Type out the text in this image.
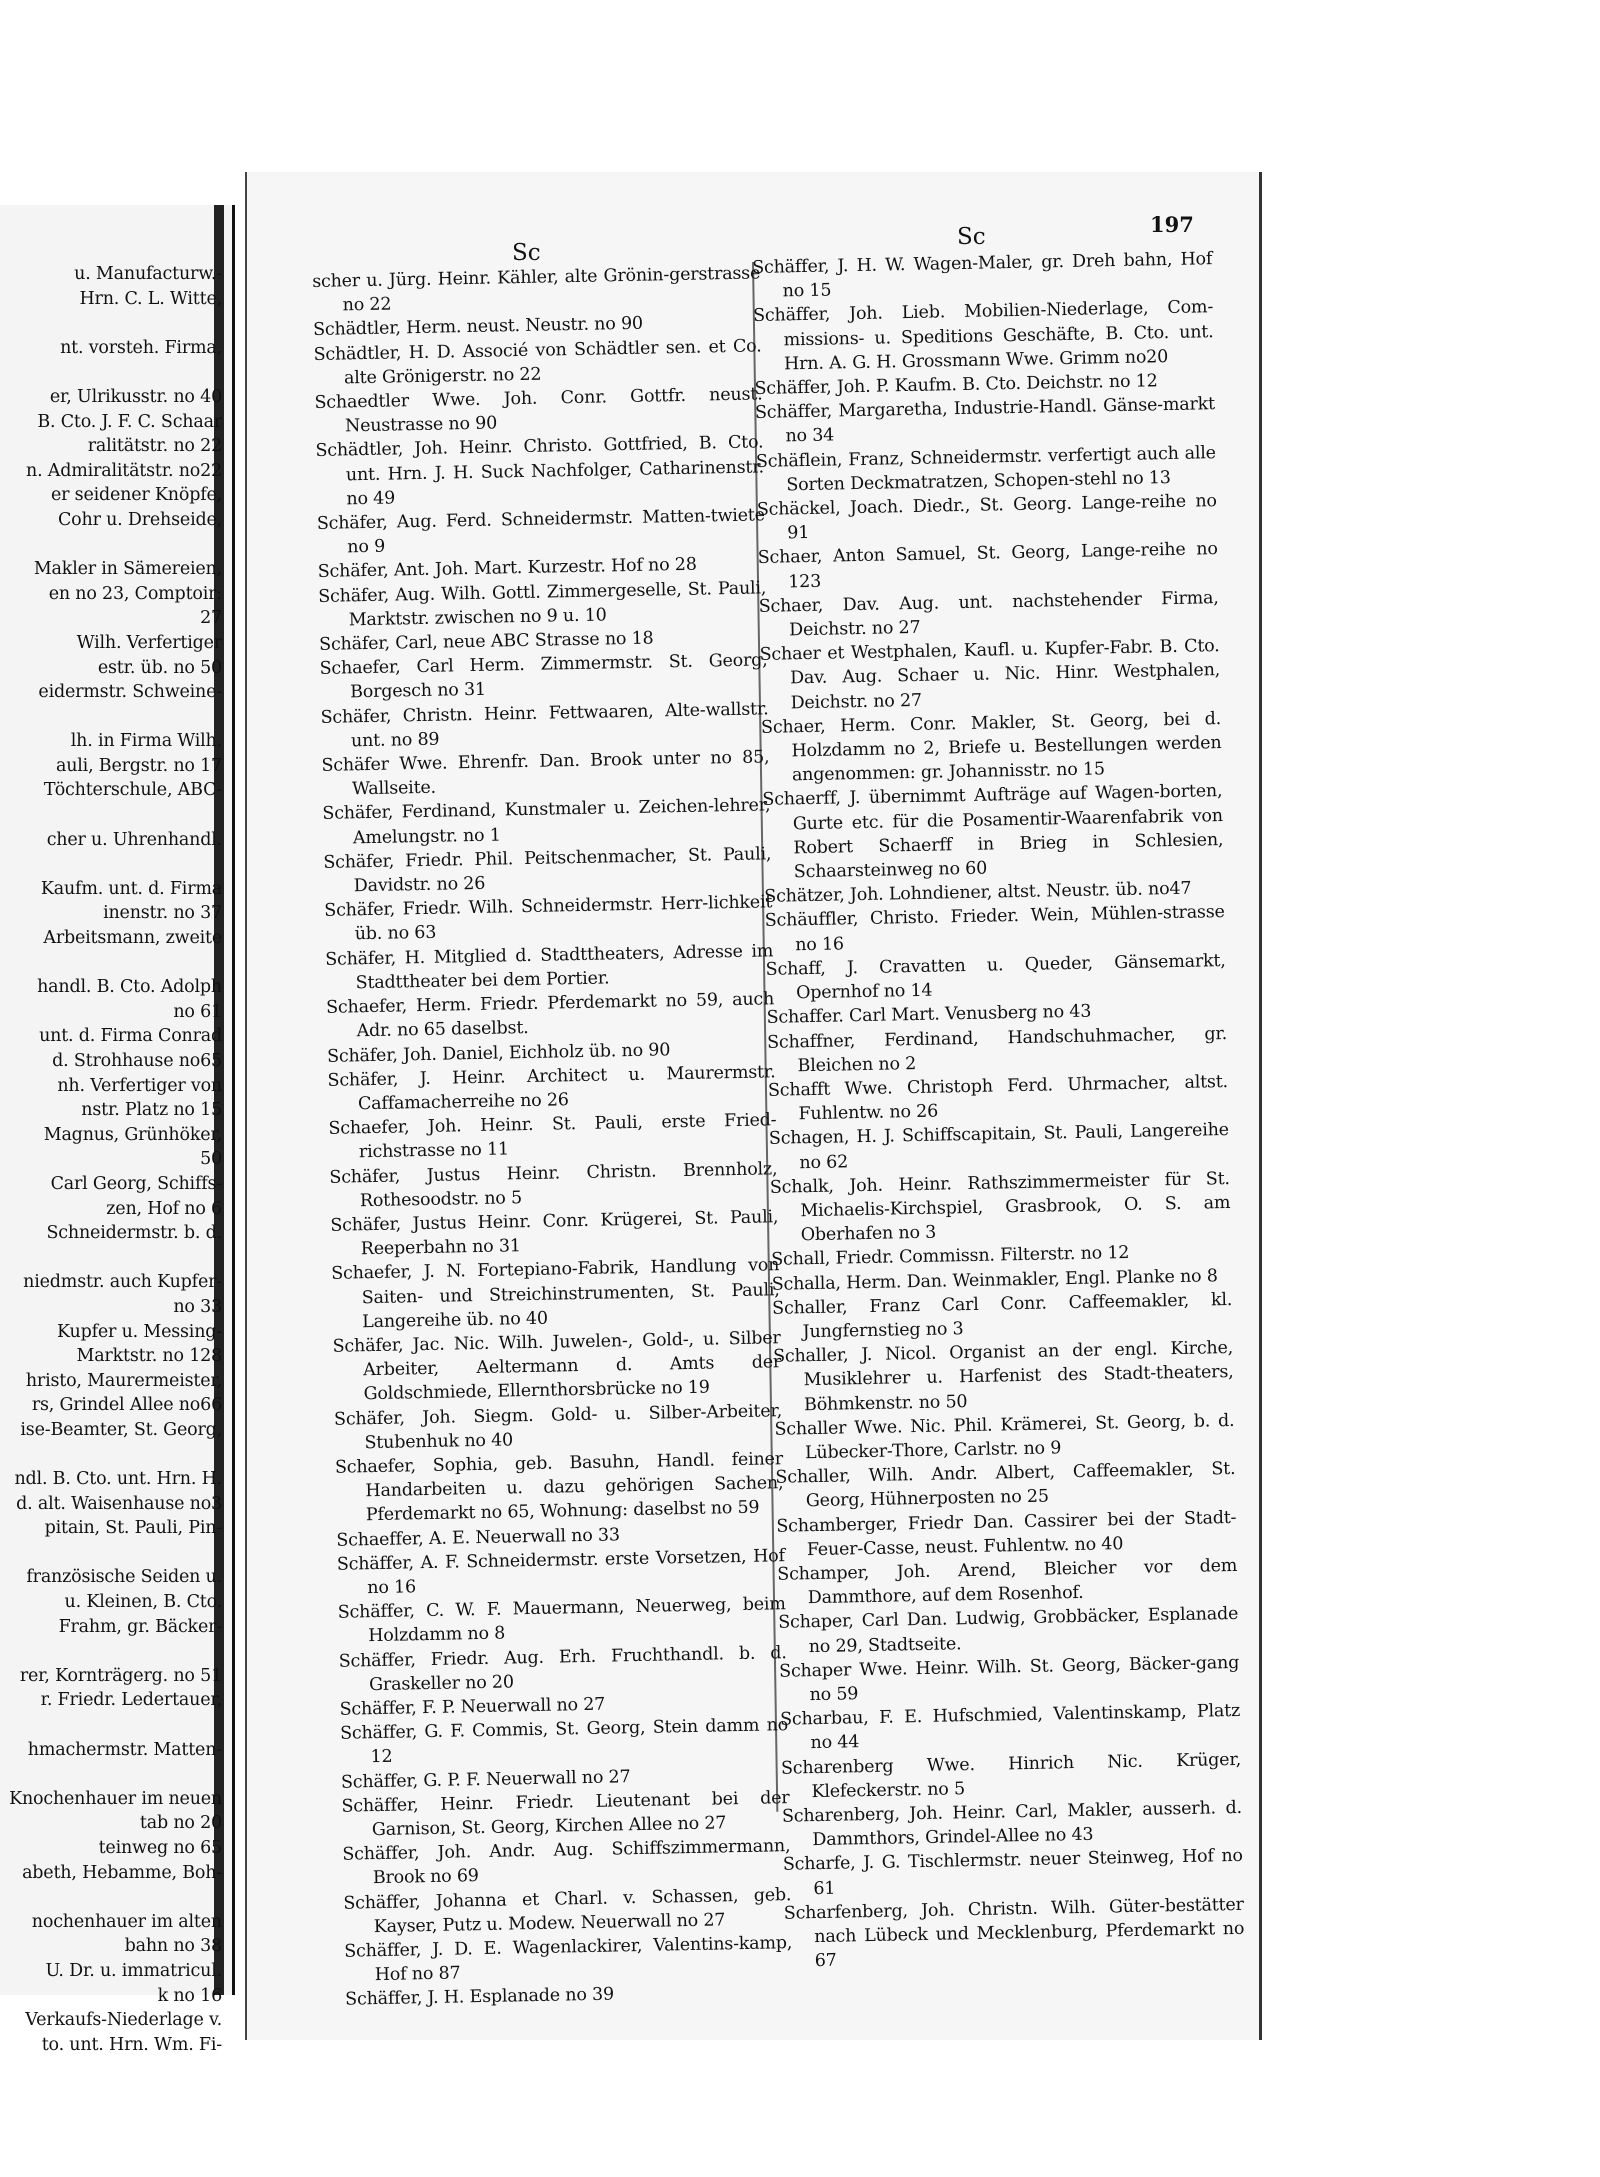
u. Manufacturw.-
Hrn. C. L. Witte,
nt. vorsteh. Firma,
er, Ulrikusstr. no 40
B. Cto. J. F. C. Schaar
ralitätstr. no 22
n. Admiralitätstr. no22
er seidener Knöpfe,
Cohr u. Drehseide,
Makler in Sämereien,
en no 23, Comptoir:
27
Wilh. Verfertiger
estr. üb. no 50
eidermstr. Schweine-
lh. in Firma Wilh.
auli, Bergstr. no 17
Töchterschule, ABC-
cher u. Uhrenhandl.
Kaufm. unt. d. Firma
inenstr. no 37
Arbeitsmann, zweite
handl. B. Cto. Adolph
no 61
unt. d. Firma Conrad
d. Strohhause no65
nh. Verfertiger von
nstr. Platz no 15
Magnus, Grünhöker,
50
Carl Georg, Schiffs-
zen, Hof no 6
Schneidermstr. b. d.
niedmstr. auch Kupfer-
no 33
Kupfer u. Messing-
Marktstr. no 128
hristo, Maurermeister,
rs, Grindel Allee no66
ise-Beamter, St. Georg,
ndl. B. Cto. unt. Hrn. H.
d. alt. Waisenhause no3
pitain, St. Pauli, Pin-
französische Seiden u.
u. Kleinen, B. Cto.
Frahm, gr. Bäcker-
rer, Kornträgerg. no 51
r. Friedr. Ledertauer,
hmachermstr. Matten-
Knochenhauer im neuen
tab no 20
teinweg no 65
abeth, Hebamme, Boh-
nochenhauer im alten
bahn no 38
U. Dr. u. immatricul.
k no 16
Verkaufs-Niederlage v.
to. unt. Hrn. Wm. Fi-
Sc
Sc	197
scher u. Jürg. Heinr. Kähler, alte Grönin-gerstrasse no 22
Schädtler, Herm. neust. Neustr. no 90
Schädtler, H. D. Associé von Schädtler sen. et Co. alte Grönigerstr. no 22
Schaedtler Wwe. Joh. Conr. Gottfr. neust. Neustrasse no 90
Schädtler, Joh. Heinr. Christo. Gottfried, B. Cto. unt. Hrn. J. H. Suck Nachfolger, Catharinenstr. no 49
Schäfer, Aug. Ferd. Schneidermstr. Matten-twiete no 9
Schäfer, Ant. Joh. Mart. Kurzestr. Hof no 28
Schäfer, Aug. Wilh. Gottl. Zimmergeselle, St. Pauli, Marktstr. zwischen no 9 u. 10
Schäfer, Carl, neue ABC Strasse no 18
Schaefer, Carl Herm. Zimmermstr. St. Georg, Borgesch no 31
Schäfer, Christn. Heinr. Fettwaaren, Alte-wallstr. unt. no 89
Schäfer Wwe. Ehrenfr. Dan. Brook unter no 85, Wallseite.
Schäfer, Ferdinand, Kunstmaler u. Zeichen-lehrer, Amelungstr. no 1
Schäfer, Friedr. Phil. Peitschenmacher, St. Pauli, Davidstr. no 26
Schäfer, Friedr. Wilh. Schneidermstr. Herr-lichkeit üb. no 63
Schäfer, H. Mitglied d. Stadttheaters, Adresse im Stadttheater bei dem Portier.
Schaefer, Herm. Friedr. Pferdemarkt no 59, auch Adr. no 65 daselbst.
Schäfer, Joh. Daniel, Eichholz üb. no 90
Schäfer, J. Heinr. Architect u. Maurermstr. Caffamacherreihe no 26
Schaefer, Joh. Heinr. St. Pauli, erste Fried-richstrasse no 11
Schäfer, Justus Heinr. Christn. Brennholz, Rothesoodstr. no 5
Schäfer, Justus Heinr. Conr. Krügerei, St. Pauli, Reeperbahn no 31
Schaefer, J. N. Fortepiano-Fabrik, Handlung von Saiten- und Streichinstrumenten, St. Pauli, Langereihe üb. no 40
Schäfer, Jac. Nic. Wilh. Juwelen-, Gold-, u. Silber Arbeiter, Aeltermann d. Amts der Goldschmiede, Ellernthorsbrücke no 19
Schäfer, Joh. Siegm. Gold- u. Silber-Arbeiter, Stubenhuk no 40
Schaefer, Sophia, geb. Basuhn, Handl. feiner Handarbeiten u. dazu gehörigen Sachen, Pferdemarkt no 65, Wohnung: daselbst no 59
Schaeffer, A. E. Neuerwall no 33
Schäffer, A. F. Schneidermstr. erste Vorsetzen, Hof no 16
Schäffer, C. W. F. Mauermann, Neuerweg, beim Holzdamm no 8
Schäffer, Friedr. Aug. Erh. Fruchthandl. b. d. Graskeller no 20
Schäffer, F. P. Neuerwall no 27
Schäffer, G. F. Commis, St. Georg, Stein damm no 12
Schäffer, G. P. F. Neuerwall no 27
Schäffer, Heinr. Friedr. Lieutenant bei der Garnison, St. Georg, Kirchen Allee no 27
Schäffer, Joh. Andr. Aug. Schiffszimmermann, Brook no 69
Schäffer, Johanna et Charl. v. Schassen, geb. Kayser, Putz u. Modew. Neuerwall no 27
Schäffer, J. D. E. Wagenlackirer, Valentins-kamp, Hof no 87
Schäffer, J. H. Esplanade no 39
Schäffer, J. H. W. Wagen-Maler, gr. Dreh bahn, Hof no 15
Schäffer, Joh. Lieb. Mobilien-Niederlage, Com-missions- u. Speditions Geschäfte, B. Cto. unt. Hrn. A. G. H. Grossmann Wwe. Grimm no20
Schäffer, Joh. P. Kaufm. B. Cto. Deichstr. no 12
Schäffer, Margaretha, Industrie-Handl. Gänse-markt no 34
Schäflein, Franz, Schneidermstr. verfertigt auch alle Sorten Deckmatratzen, Schopen-stehl no 13
Schäckel, Joach. Diedr., St. Georg. Lange-reihe no 91
Schaer, Anton Samuel, St. Georg, Lange-reihe no 123
Schaer, Dav. Aug. unt. nachstehender Firma, Deichstr. no 27
Schaer et Westphalen, Kaufl. u. Kupfer-Fabr. B. Cto. Dav. Aug. Schaer u. Nic. Hinr. Westphalen, Deichstr. no 27
Schaer, Herm. Conr. Makler, St. Georg, bei d. Holzdamm no 2, Briefe u. Bestellungen werden angenommen: gr. Johannisstr. no 15
Schaerff, J. übernimmt Aufträge auf Wagen-borten, Gurte etc. für die Posamentir-Waarenfabrik von Robert Schaerff in Brieg in Schlesien, Schaarsteinweg no 60
Schätzer, Joh. Lohndiener, altst. Neustr. üb. no47
Schäuffler, Christo. Frieder. Wein, Mühlen-strasse no 16
Schaff, J. Cravatten u. Queder, Gänsemarkt, Opernhof no 14
Schaffer. Carl Mart. Venusberg no 43
Schaffner, Ferdinand, Handschuhmacher, gr. Bleichen no 2
Schafft Wwe. Christoph Ferd. Uhrmacher, altst. Fuhlentw. no 26
Schagen, H. J. Schiffscapitain, St. Pauli, Langereihe no 62
Schalk, Joh. Heinr. Rathszimmermeister für St. Michaelis-Kirchspiel, Grasbrook, O. S. am Oberhafen no 3
Schall, Friedr. Commissn. Filterstr. no 12
Schalla, Herm. Dan. Weinmakler, Engl. Planke no 8
Schaller, Franz Carl Conr. Caffeemakler, kl. Jungfernstieg no 3
Schaller, J. Nicol. Organist an der engl. Kirche, Musiklehrer u. Harfenist des Stadt-theaters, Böhmkenstr. no 50
Schaller Wwe. Nic. Phil. Krämerei, St. Georg, b. d. Lübecker-Thore, Carlstr. no 9
Schaller, Wilh. Andr. Albert, Caffeemakler, St. Georg, Hühnerposten no 25
Schamberger, Friedr Dan. Cassirer bei der Stadt-Feuer-Casse, neust. Fuhlentw. no 40
Schamper, Joh. Arend, Bleicher vor dem Dammthore, auf dem Rosenhof.
Schaper, Carl Dan. Ludwig, Grobbäcker, Esplanade no 29, Stadtseite.
Schaper Wwe. Heinr. Wilh. St. Georg, Bäcker-gang no 59
Scharbau, F. E. Hufschmied, Valentinskamp, Platz no 44
Scharenberg Wwe. Hinrich Nic. Krüger, Klefeckerstr. no 5
Scharenberg, Joh. Heinr. Carl, Makler, ausserh. d. Dammthors, Grindel-Allee no 43
Scharfe, J. G. Tischlermstr. neuer Steinweg, Hof no 61
Scharfenberg, Joh. Christn. Wilh. Güter-bestätter nach Lübeck und Mecklenburg, Pferdemarkt no 67
